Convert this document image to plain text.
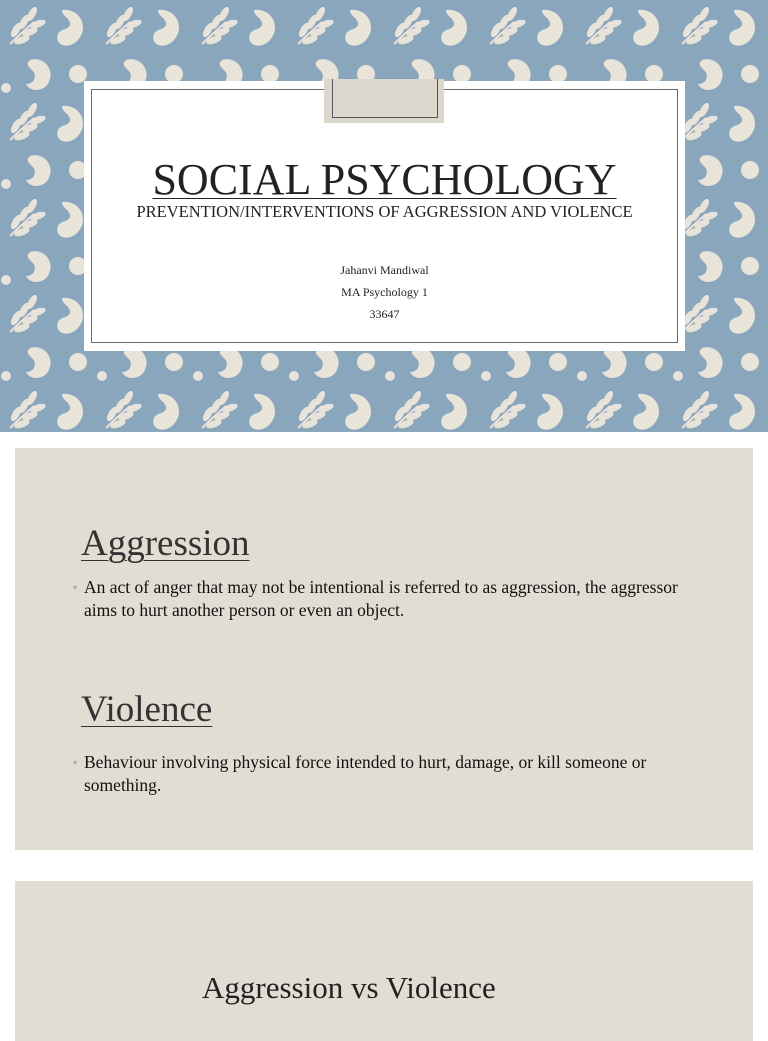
SOCIAL PSYCHOLOGY
PREVENTION/INTERVENTIONS OF AGGRESSION AND VIOLENCE
Jahanvi Mandiwal
MA Psychology 1
33647
Aggression
◦ An act of anger that may not be intentional is referred to as aggression, the aggressor aims to hurt another person or even an object.
Violence
◦ Behaviour involving physical force intended to hurt, damage, or kill someone or something.
Aggression vs Violence
